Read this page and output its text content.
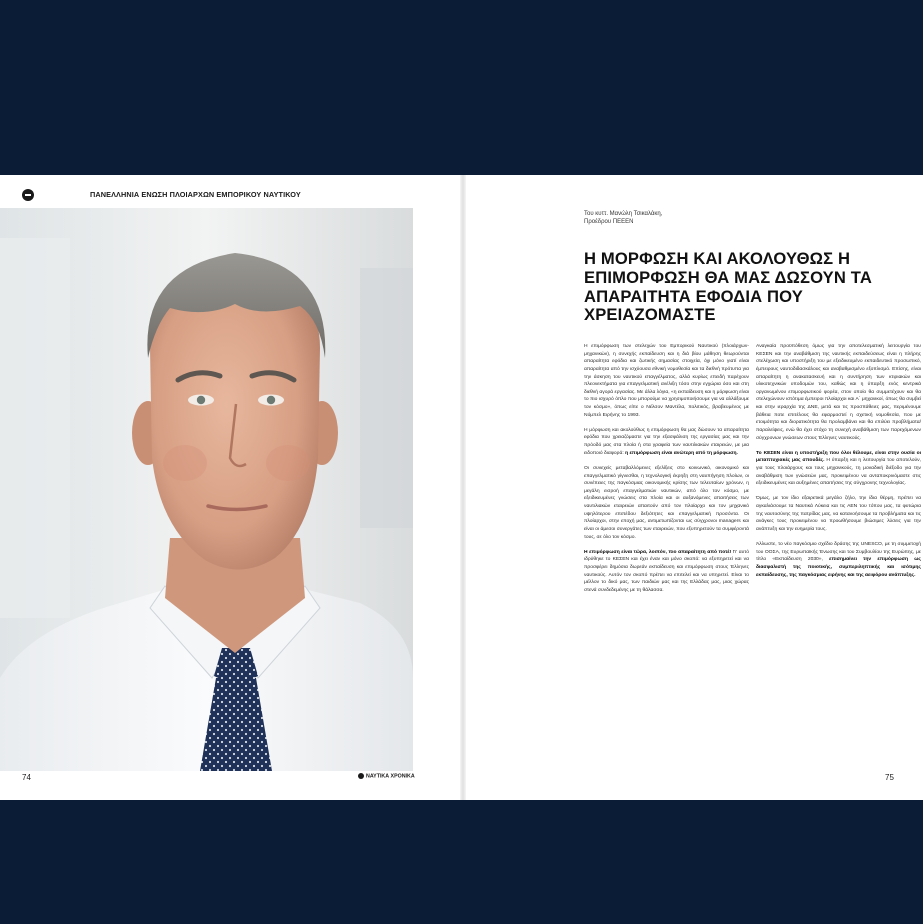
ΠΑΝΕΛΛΗΝΙΑ ΕΝΩΣΗ ΠΛΟΙΑΡΧΩΝ ΕΜΠΟΡΙΚΟΥ ΝΑΥΤΙΚΟΥ
74	ΝΑΥΤΙΚΑ ΧΡΟΝΙΚΑ
Του κυττ. Μανώλη Τσικαλάκη,
Προέδρου ΠΕΕΕΝ
Η ΜΟΡΦΩΣΗ ΚΑΙ ΑΚΟΛΟΥΘΩΣ Η ΕΠΙΜΟΡΦΩΣΗ ΘΑ ΜΑΣ ΔΩΣΟΥΝ ΤΑ ΑΠΑΡΑΙΤΗΤΑ ΕΦΟΔΙΑ ΠΟΥ ΧΡΕΙΑΖΟΜΑΣΤΕ

Η επιμόρφωση των στελεχών του Εμπορικού Ναυτικού (πλοιάρχων-μηχανικών), η συνεχής εκπαίδευση και η διά βίου μάθηση θεωρούνται απαραίτητα εφόδια και ζωτικής σημασίας στοιχεία, όχι μόνο γιατί είναι απαραίτητα από την ισχύουσα εθνική νομοθεσία και τα διεθνή πρότυπα για την άσκηση του ναυτικού επαγγέλματος, αλλά κυρίως επειδή παρέχουν πλεονεκτήματα για επαγγελματική ανέλιξη τόσο στην εγχώρια όσο και στη διεθνή αγορά εργασίας. Με άλλα λόγια, «η εκπαίδευση και η μόρφωση είναι το πιο ισχυρό όπλο που μπορούμε να χρησιμοποιήσουμε για να αλλάξουμε τον κόσμο», όπως είπε ο Νέλσον Μαντέλα, πολιτικός, βραβευμένος με Νόμπελ Ειρήνης το 1993.

Η μόρφωση και ακολούθως η επιμόρφωση θα μας δώσουν τα απαραίτητα εφόδια που χρειαζόμαστε για την εξασφάλιση της εργασίας μας και την πρόοδό μας στα πλοία ή στα γραφεία των ναυτιλιακών εταιρειών, με μια ειδοποιό διαφορά: η επιμόρφωση είναι ανώτερη από τη μόρφωση.

Οι συνεχείς μεταβαλλόμενες εξελίξεις στο κοινωνικό, οικονομικό και επαγγελματικό γίγνεσθαι, η τεχνολογική έκρηξη στη ναυπήγηση πλοίων, οι συνέπειες της παγκόσμιας οικονομικής κρίσης των τελευταίων χρόνων, η μεγάλη εισροή επαγγελματιών ναυτικών, από όλο τον κόσμο, με εξειδικευμένες γνώσεις στα πλοία και οι αυξανόμενες απαιτήσεις των ναυτιλιακών εταιρειών απαιτούν από τον πλοίαρχο και τον μηχανικό υψηλότερου επιπέδου δεξιότητες και επαγγελματική προσόντα. Οι πλοίαρχοι, στην εποχή μας, αντιμετωπίζονται ως σύγχρονοι managers και είναι οι άμεσοι συνεργάτες των εταιρειών, που εξυπηρετούν τα συμφέροντά τους, σε όλο τον κόσμο.

Η επιμόρφωση είναι τώρα, λοιπόν, πιο απαραίτητη από ποτέ! Γι' αυτό ιδρύθηκε το ΚΕΣΕΝ και έχει έναν και μόνο σκοπό: να εξυπηρετεί και να προσφέρει δημόσια δωρεάν εκπαίδευση και επιμόρφωση στους Έλληνες ναυτικούς. Αυτόν τον σκοπό πρέπει να επιτελεί και να υπηρετεί. Είναι το μέλλον το δικό μας, των παιδιών μας και της Ελλάδας μας, μιας χώρας στενά συνδεδεμένης με τη θάλασσα.

Αναγκαία προϋπόθεση όμως για την αποτελεσματική λειτουργία του ΚΕΣΕΝ και την αναβάθμιση της ναυτικής εκπαιδεύσεως είναι η πλήρης στελέχωση και υποστήριξη του με εξειδικευμένο εκπαιδευτικό προσωπικό, έμπειρους ναυτοδιδασκάλους και αναβαθμισμένο εξοπλισμό. Επίσης, είναι απαραίτητη η ανακατασκευή και η συντήρηση των κτιριακών και υλικοτεχνικών υποδομών του, καθώς και η ύπαρξη ενός κεντρικά οργανωμένου επιμορφωτικού φορέα, στον οποίο θα συμμετέχουν και θα στελεχώνουν ιστότιμα έμπειροι πλοίαρχοι και Α΄ μηχανικοί, όπως θα συμβεί και στην ιεραρχία της ΔΝΕ, μετά και τις προσπάθειες μας, περιμένουμε βάθεια ποτε επιτέλους θα εφαρμοστεί η σχετική νομοθεσία, που με ετοιμότητα και διορατικότητα θα προλαμβάνει και θα επιλύει προβλήματα/παραλείψεις, ενώ θα έχει στόχο τη συνεχή αναβάθμιση των παρεχόμενων σύγχρονων γνώσεων στους Έλληνες ναυτικούς.

Το ΚΕΣΕΝ είναι η υποστήριξη που όλοι θέλουμε, είναι στην ουσία οι μεταπτυχιακές μας σπουδές. Η ύπαρξη και η λειτουργία του αποτελούν, για τους πλοιάρχους και τους μηχανικούς, τη μοναδική διέξοδο για την αναβάθμιση των γνώσεών μας, προκειμένου να ανταποκρινόμαστε στις εξειδικευμένες και αυξημένες απαιτήσεις της σύγχρονης τεχνολογίας.

Όμως, με τον ίδιο εξαιρετικά μεγάλο ζήλο, την ίδια θέρμη, πρέπει να αγκαλιάσουμε τα Ναυτικά Λύκεια και τις ΑΕΝ του τόπου μας, τα φυτώρια της ναυτοσύνης της πατρίδας μας, να κατανοήσουμε τα προβλήματα και τις ανάγκες τους προκειμένου να προωθήσουμε βιώσιμες λύσεις για την ανάπτυξη και την ευημερία τους.

Άλλωστε, το νέο παγκόσμιο σχέδιο δράσης της UNESCO, με τη συμμετοχή του ΟΟΣΑ, της Ευρωπαϊκής Ένωσης και του Συμβουλίου της Ευρώπης, με τίτλο «Εκπαίδευση 2030», επισημαίνει την επιμόρφωση ως διασφαλιστή της ποιοτικής, συμπεριληπτικής και ισότιμης εκπαίδευσης, της παγκόσμιας ειρήνης και της αειφόρου ανάπτυξης.

75
